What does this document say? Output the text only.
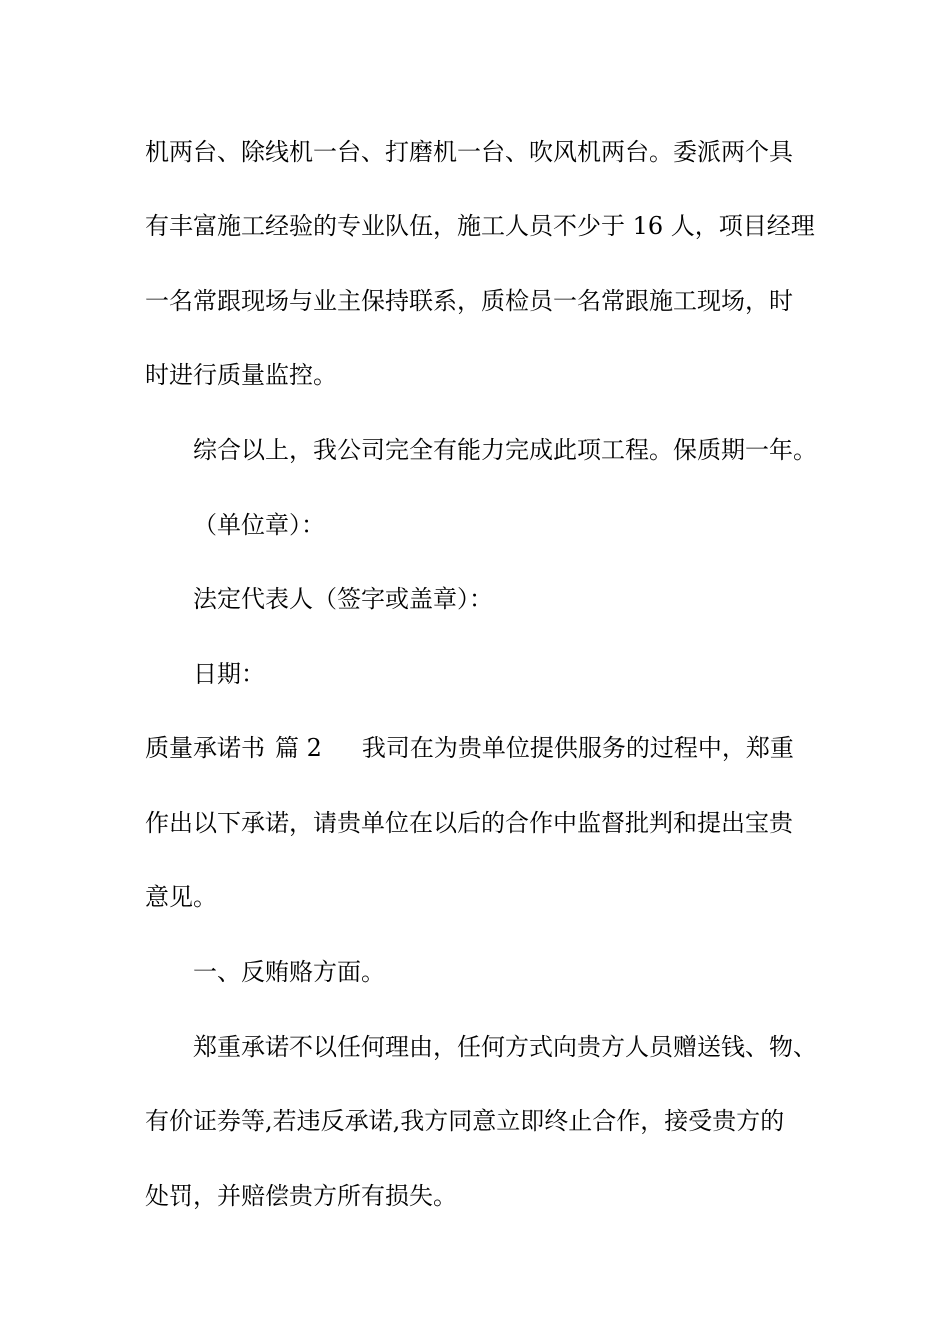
机两台、除线机一台、打磨机一台、吹风机两台。委派两个具
有丰富施工经验的专业队伍，施工人员不少于 16 人，项目经理
一名常跟现场与业主保持联系，质检员一名常跟施工现场，时
时进行质量监控。
综合以上，我公司完全有能力完成此项工程。保质期一年。
（单位章）：
法定代表人（签字或盖章）：
日期：
质量承诺书 篇 2 我司在为贵单位提供服务的过程中，郑重
作出以下承诺，请贵单位在以后的合作中监督批判和提出宝贵
意见。
一、反贿赂方面。
郑重承诺不以任何理由，任何方式向贵方人员赠送钱、物、
有价证券等,若违反承诺,我方同意立即终止合作，接受贵方的
处罚，并赔偿贵方所有损失。
